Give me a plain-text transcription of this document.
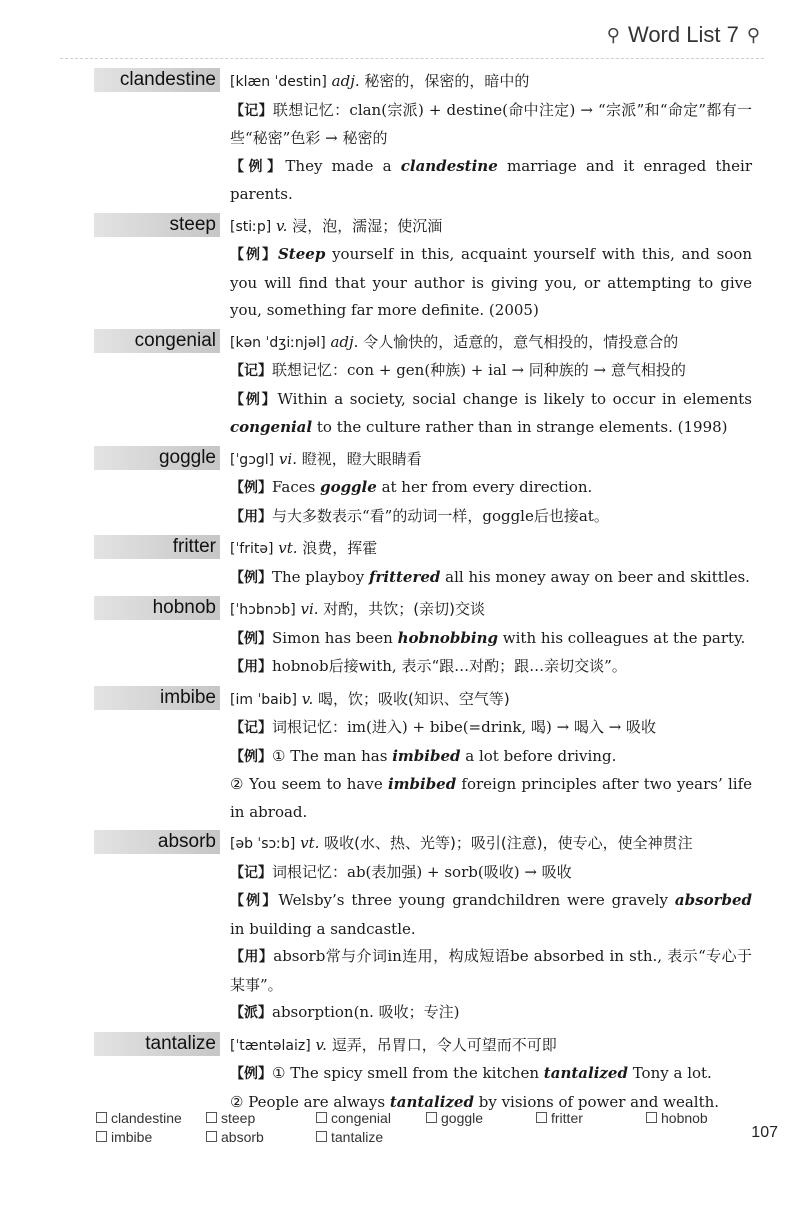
⚲ Word List 7 ⚲
clandestine [klæn ˈdestin] adj. 秘密的，保密的，暗中的

【记】联想记忆：clan(宗派) + destine(命中注定) → “宗派”和“命定”都有一些“秘密”色彩 → 秘密的

【例】They made a clandestine marriage and it enraged their parents.

steep [stiːp] v. 浸，泡，濡湿；使沉湎

【例】Steep yourself in this, acquaint yourself with this, and soon you will find that your author is giving you, or attempting to give you, something far more definite. (2005)

congenial [kən ˈdʒiːnjəl] adj. 令人愉快的，适意的，意气相投的，情投意合的

【记】联想记忆：con + gen(种族) + ial → 同种族的 → 意气相投的

【例】Within a society, social change is likely to occur in elements congenial to the culture rather than in strange elements. (1998)

goggle [ˈgɔgl] vi. 瞪视，瞪大眼睛看

【例】Faces goggle at her from every direction.

【用】与大多数表示“看”的动词一样，goggle后也接at。

fritter [ˈfritə] vt. 浪费，挥霍

【例】The playboy frittered all his money away on beer and skittles.

hobnob [ˈhɔbnɔb] vi. 对酌，共饮；(亲切)交谈

【例】Simon has been hobnobbing with his colleagues at the party.

【用】hobnob后接with, 表示“跟…对酌；跟…亲切交谈”。

imbibe [im ˈbaib] v. 喝，饮；吸收(知识、空气等)

【记】词根记忆：im(进入) + bibe(=drink, 喝) → 喝入 → 吸收

【例】① The man has imbibed a lot before driving.

② You seem to have imbibed foreign principles after two years’ life in abroad.

absorb [əb ˈsɔːb] vt. 吸收(水、热、光等)；吸引(注意)，使专心，使全神贯注

【记】词根记忆：ab(表加强) + sorb(吸收) → 吸收

【例】Welsby’s three young grandchildren were gravely absorbed in building a sandcastle.

【用】absorb常与介词in连用，构成短语be absorbed in sth., 表示“专心于某事”。

【派】absorption(n. 吸收；专注)

tantalize [ˈtæntəlaiz] v. 逗弄，吊胃口，令人可望而不可即

【例】① The spicy smell from the kitchen tantalized Tony a lot.

② People are always tantalized by visions of power and wealth.

clandestine	steep	congenial	goggle	fritter	hobnob
imbibe	absorb	tantalize	107
